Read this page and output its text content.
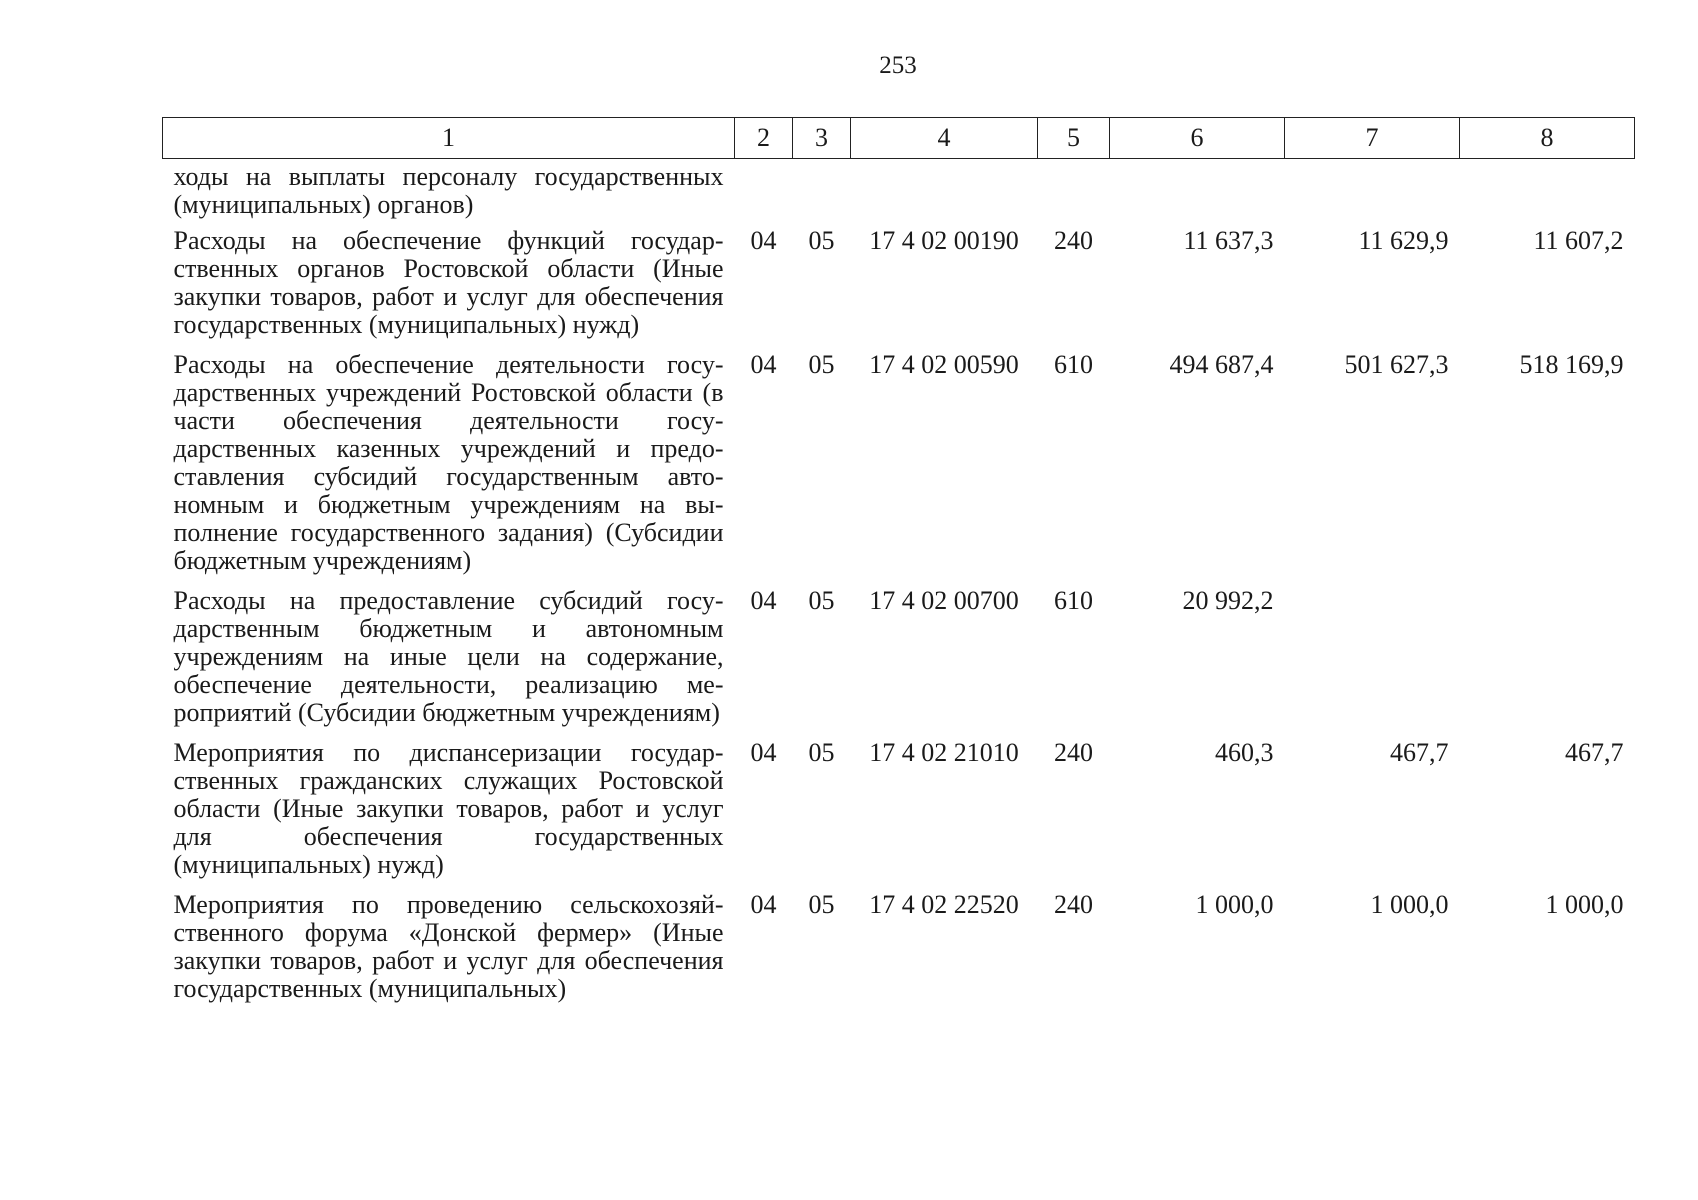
253
1	2	3	4	5	6	7	8
ходы на выплаты персоналу государственных (муниципальных) органов)							
Расходы на обеспечение функций государственных органов Ростовской области (Иные закупки товаров, работ и услуг для обеспечения государственных (муниципальных) нужд)	04	05	17 4 02 00190	240	11 637,3	11 629,9	11 607,2
Расходы на обеспечение деятельности государственных учреждений Ростовской области (в части обеспечения деятельности государственных казенных учреждений и предоставления субсидий государственным автономным и бюджетным учреждениям на выполнение государственного задания) (Субсидии бюджетным учреждениям)	04	05	17 4 02 00590	610	494 687,4	501 627,3	518 169,9
Расходы на предоставление субсидий государственным бюджетным и автономным учреждениям на иные цели на содержание, обеспечение деятельности, реализацию мероприятий (Субсидии бюджетным учреждениям)	04	05	17 4 02 00700	610	20 992,2		
Мероприятия по диспансеризации государственных гражданских служащих Ростовской области (Иные закупки товаров, работ и услуг для обеспечения государственных (муниципальных) нужд)	04	05	17 4 02 21010	240	460,3	467,7	467,7
Мероприятия по проведению сельскохозяйственного форума «Донской фермер» (Иные закупки товаров, работ и услуг для обеспечения государственных (муниципальных)	04	05	17 4 02 22520	240	1 000,0	1 000,0	1 000,0
